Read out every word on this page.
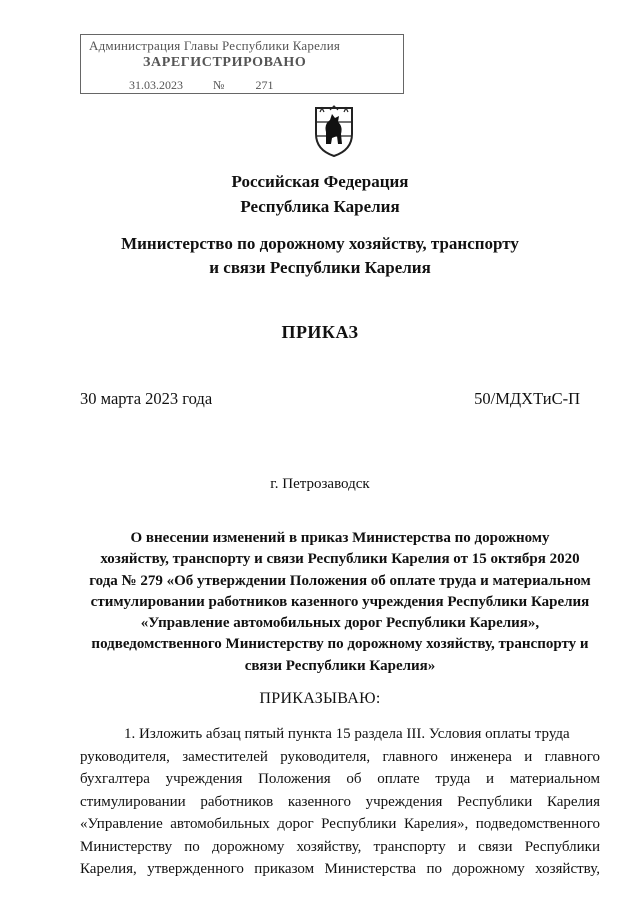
Администрация Главы Республики Карелия
ЗАРЕГИСТРИРОВАНО
31.03.2023	№	271
Российская Федерация
Республика Карелия
Министерство по дорожному хозяйству, транспорту
и связи Республики Карелия
ПРИКАЗ
30 марта 2023 года	50/МДХТиС-П
г. Петрозаводск
О внесении изменений в приказ Министерства по дорожному
хозяйству, транспорту и связи Республики Карелия от 15 октября 2020
года № 279 «Об утверждении Положения об оплате труда и материальном
стимулировании работников казенного учреждения Республики Карелия
«Управление автомобильных дорог Республики Карелия»,
подведомственного Министерству по дорожному хозяйству, транспорту и
связи Республики Карелия»
ПРИКАЗЫВАЮ:
1. Изложить абзац пятый пункта 15 раздела III. Условия оплаты труда
руководителя, заместителей руководителя, главного инженера и главного
бухгалтера учреждения Положения об оплате труда и материальном
стимулировании работников казенного учреждения Республики Карелия
«Управление автомобильных дорог Республики Карелия», подведомственного
Министерству по дорожному хозяйству, транспорту и связи Республики
Карелия, утвержденного приказом Министерства по дорожному хозяйству,
